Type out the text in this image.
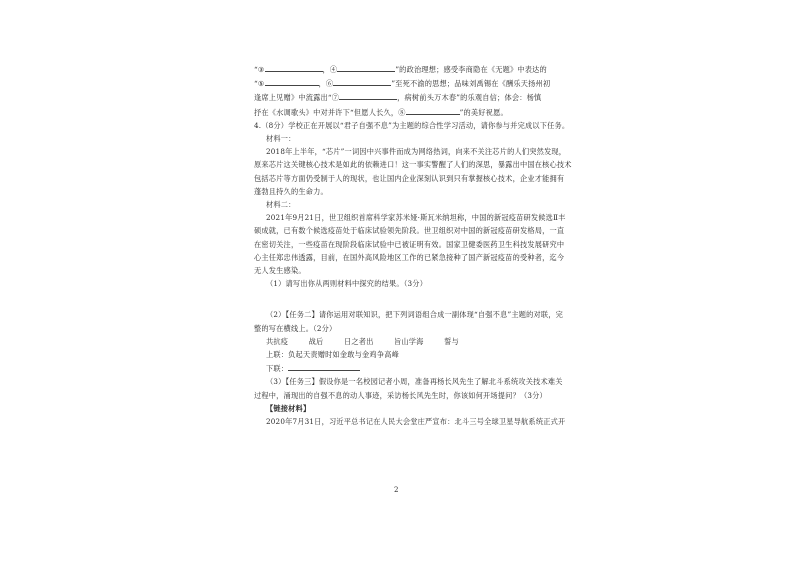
“③	，④	”的政治理想；感受李商隐在《无题》中表达的
“⑤	，⑥	”至死不渝的思想；品味刘禹锡在《酬乐天扬州初
逢席上见赠》中流露出“⑦	，病树前头万木春”的乐观自信；体会：杨慎
抒在《水调歌头》中对并许下“但愿人长久，⑧	”的美好祝愿。
4.（8分）学校正在开展以“君子自强不息”为主题的综合性学习活动，请你参与并完成以下任务。
材料一：
2018年上半年，“芯片”一词因中兴事件而成为网络热词，向来不关注芯片的人们突然发现，
原来芯片这关键核心技术是如此的依赖进口！这一事实警醒了人们的深思，暴露出中国在核心技术
包括芯片等方面仍受制于人的现状，也让国内企业深刻认识到只有掌握核心技术，企业才能拥有
蓬勃且持久的生命力。
材料二：
2021年9月21日，世卫组织首席科学家苏米娅·斯瓦米纳坦称，中国的新冠疫苗研发候选Ⅱ丰
硕成就，已有数个候选疫苗处于临床试验领先阶段。世卫组织对中国的新冠疫苗研发格局，一直
在密切关注，一些疫苗在现阶段临床试验中已被证明有效。国家卫健委医药卫生科技发展研究中
心主任郑忠伟透露，目前，在国外高风险地区工作的已紧急接种了国产新冠疫苗的受种者，迄今
无人发生感染。
（1）请写出你从两则材料中探究的结果。（3分）
（2）【任务二】请你运用对联知识，把下列词语组合成一副体现“自强不息”主题的对联，完
整的写在横线上。（2分）
共抗疫	战后	日之者出	旨山学海	誓与
上联：负起天责赠时如金敢与金鸡争高峰
下联：
（3）【任务三】假设你是一名校园记者小周，准备再杨长风先生了解北斗系统攻关技术难关
过程中，涌现出的自强不息的动人事迹，采访杨长风先生时，你该如何开场提问？（3分）
【链接材料】
2020年7月31日，习近平总书记在人民大会堂庄严宣布：北斗三号全球卫星导航系统正式开
2
